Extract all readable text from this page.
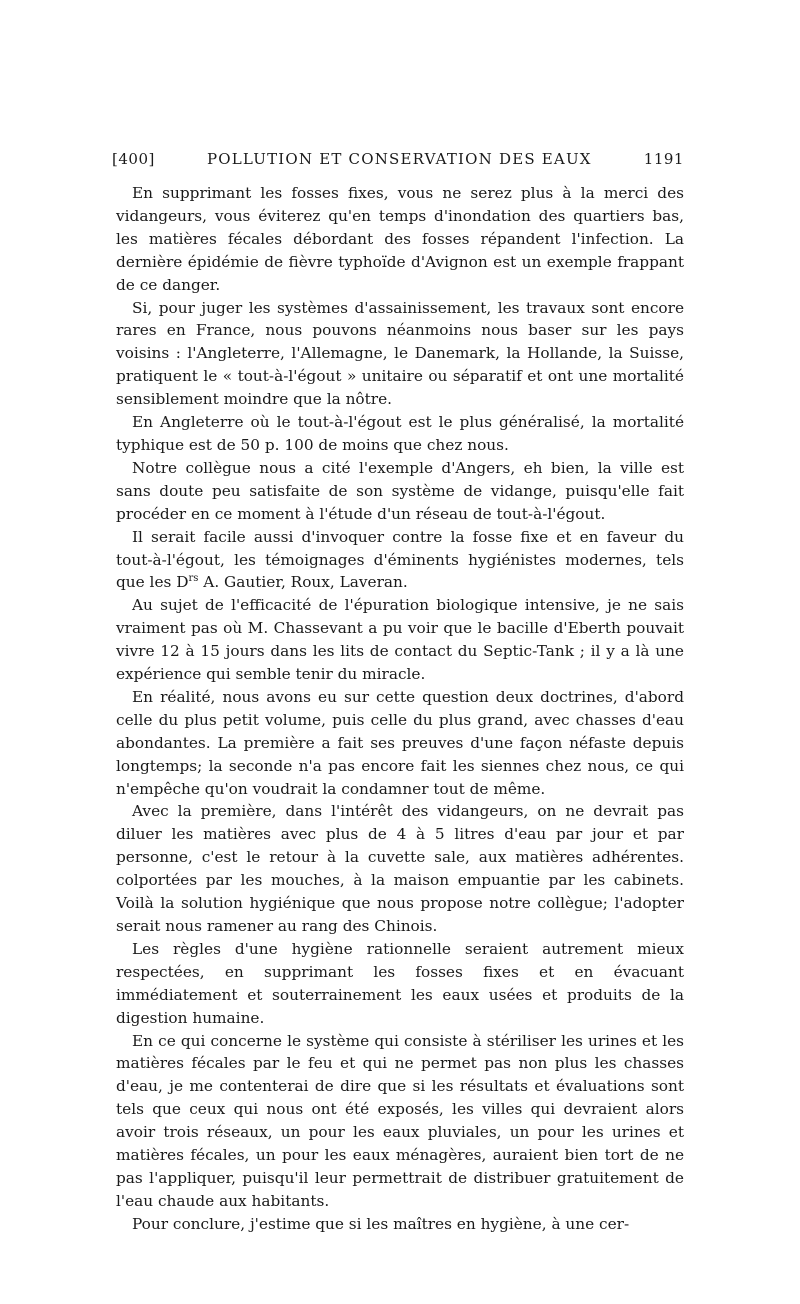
[400]	POLLUTION ET CONSERVATION DES EAUX	1191

En supprimant les fosses fixes, vous ne serez plus à la merci des vidangeurs, vous éviterez qu'en temps d'inondation des quartiers bas, les matières fécales débordant des fosses répandent l'infection. La dernière épidémie de fièvre typhoïde d'Avignon est un exemple frappant de ce danger.

Si, pour juger les systèmes d'assainissement, les travaux sont encore rares en France, nous pouvons néanmoins nous baser sur les pays voisins : l'Angleterre, l'Allemagne, le Danemark, la Hollande, la Suisse, pratiquent le « tout-à-l'égout » unitaire ou séparatif et ont une mortalité sensiblement moindre que la nôtre.

En Angleterre où le tout-à-l'égout est le plus généralisé, la mortalité typhique est de 50 p. 100 de moins que chez nous.

Notre collègue nous a cité l'exemple d'Angers, eh bien, la ville est sans doute peu satisfaite de son système de vidange, puisqu'elle fait procéder en ce moment à l'étude d'un réseau de tout-à-l'égout.

Il serait facile aussi d'invoquer contre la fosse fixe et en faveur du tout-à-l'égout, les témoignages d'éminents hygiénistes modernes, tels que les $D^{rs}$ A. Gautier, Roux, Laveran.

Au sujet de l'efficacité de l'épuration biologique intensive, je ne sais vraiment pas où M. Chassevant a pu voir que le bacille d'Eberth pouvait vivre 12 à 15 jours dans les lits de contact du Septic-Tank ; il y a là une expérience qui semble tenir du miracle.

En réalité, nous avons eu sur cette question deux doctrines, d'abord celle du plus petit volume, puis celle du plus grand, avec chasses d'eau abondantes. La première a fait ses preuves d'une façon néfaste depuis longtemps; la seconde n'a pas encore fait les siennes chez nous, ce qui n'empêche qu'on voudrait la condamner tout de même.

Avec la première, dans l'intérêt des vidangeurs, on ne devrait pas diluer les matières avec plus de 4 à 5 litres d'eau par jour et par personne, c'est le retour à la cuvette sale, aux matières adhérentes. colportées par les mouches, à la maison empuantie par les cabinets. Voilà la solution hygiénique que nous propose notre collègue; l'adopter serait nous ramener au rang des Chinois.

Les règles d'une hygiène rationnelle seraient autrement mieux respectées, en supprimant les fosses fixes et en évacuant immédiatement et souterrainement les eaux usées et produits de la digestion humaine.

En ce qui concerne le système qui consiste à stériliser les urines et les matières fécales par le feu et qui ne permet pas non plus les chasses d'eau, je me contenterai de dire que si les résultats et évaluations sont tels que ceux qui nous ont été exposés, les villes qui devraient alors avoir trois réseaux, un pour les eaux pluviales, un pour les urines et matières fécales, un pour les eaux ménagères, auraient bien tort de ne pas l'appliquer, puisqu'il leur permettrait de distribuer gratuitement de l'eau chaude aux habitants.

Pour conclure, j'estime que si les maîtres en hygiène, à une cer-
